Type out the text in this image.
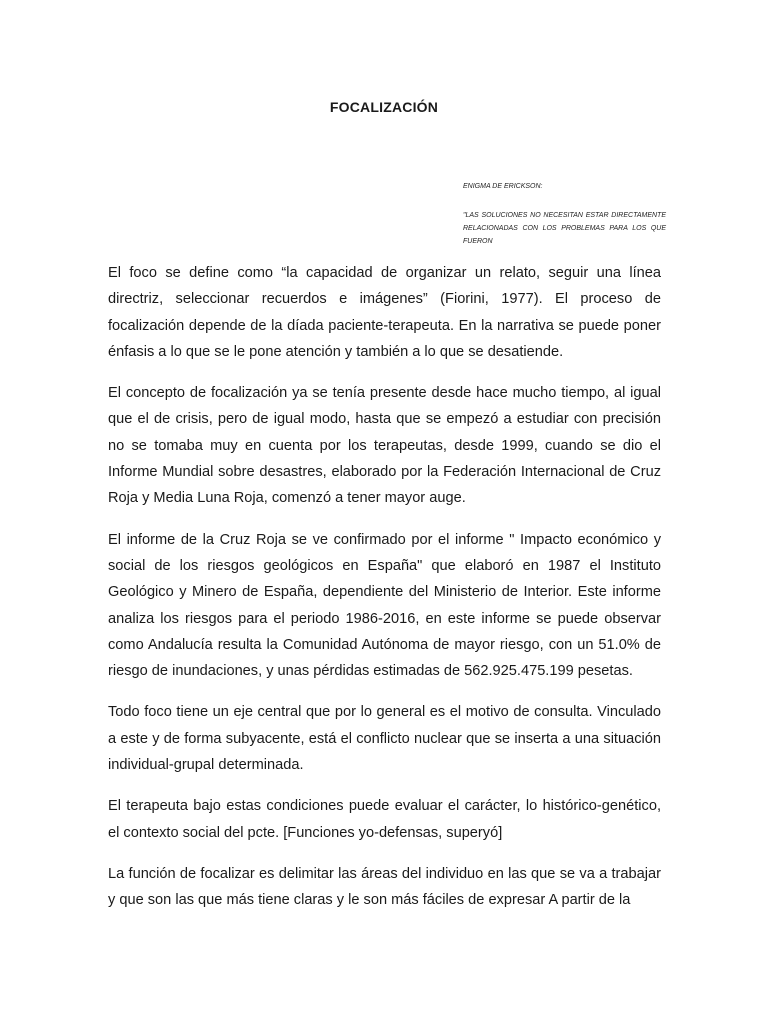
FOCALIZACIÓN
ENIGMA DE ERICKSON:
"LAS SOLUCIONES NO NECESITAN ESTAR DIRECTAMENTE RELACIONADAS CON LOS PROBLEMAS PARA LOS QUE FUERON

El foco se define como “la capacidad de organizar un relato, seguir una línea directriz, seleccionar recuerdos e imágenes” (Fiorini, 1977). El proceso de focalización depende de la díada paciente-terapeuta. En la narrativa se puede poner énfasis a lo que se le pone atención y también a lo que se desatiende.

El concepto de focalización ya se tenía presente desde hace mucho tiempo, al igual que el de crisis, pero de igual modo, hasta que se empezó a estudiar con precisión no se tomaba muy en cuenta por los terapeutas, desde 1999, cuando se dio el Informe Mundial sobre desastres, elaborado por la Federación Internacional de Cruz Roja y Media Luna Roja, comenzó a tener mayor auge.

El informe de la Cruz Roja se ve confirmado por el informe " Impacto económico y social de los riesgos geológicos en España" que elaboró en 1987 el Instituto Geológico y Minero de España, dependiente del Ministerio de Interior. Este informe analiza los riesgos para el periodo 1986-2016, en este informe se puede observar como Andalucía resulta la Comunidad Autónoma de mayor riesgo, con un 51.0% de riesgo de inundaciones, y unas pérdidas estimadas de 562.925.475.199 pesetas.

Todo foco tiene un eje central que por lo general es el motivo de consulta. Vinculado a este y de forma subyacente, está el conflicto nuclear que se inserta a una situación individual-grupal determinada.

El terapeuta bajo estas condiciones puede evaluar el carácter, lo histórico-genético, el contexto social del pcte. [Funciones yo-defensas, superyó]

La función de focalizar es delimitar las áreas del individuo en las que se va a trabajar y que son las que más tiene claras y le son más fáciles de expresar A partir de la
